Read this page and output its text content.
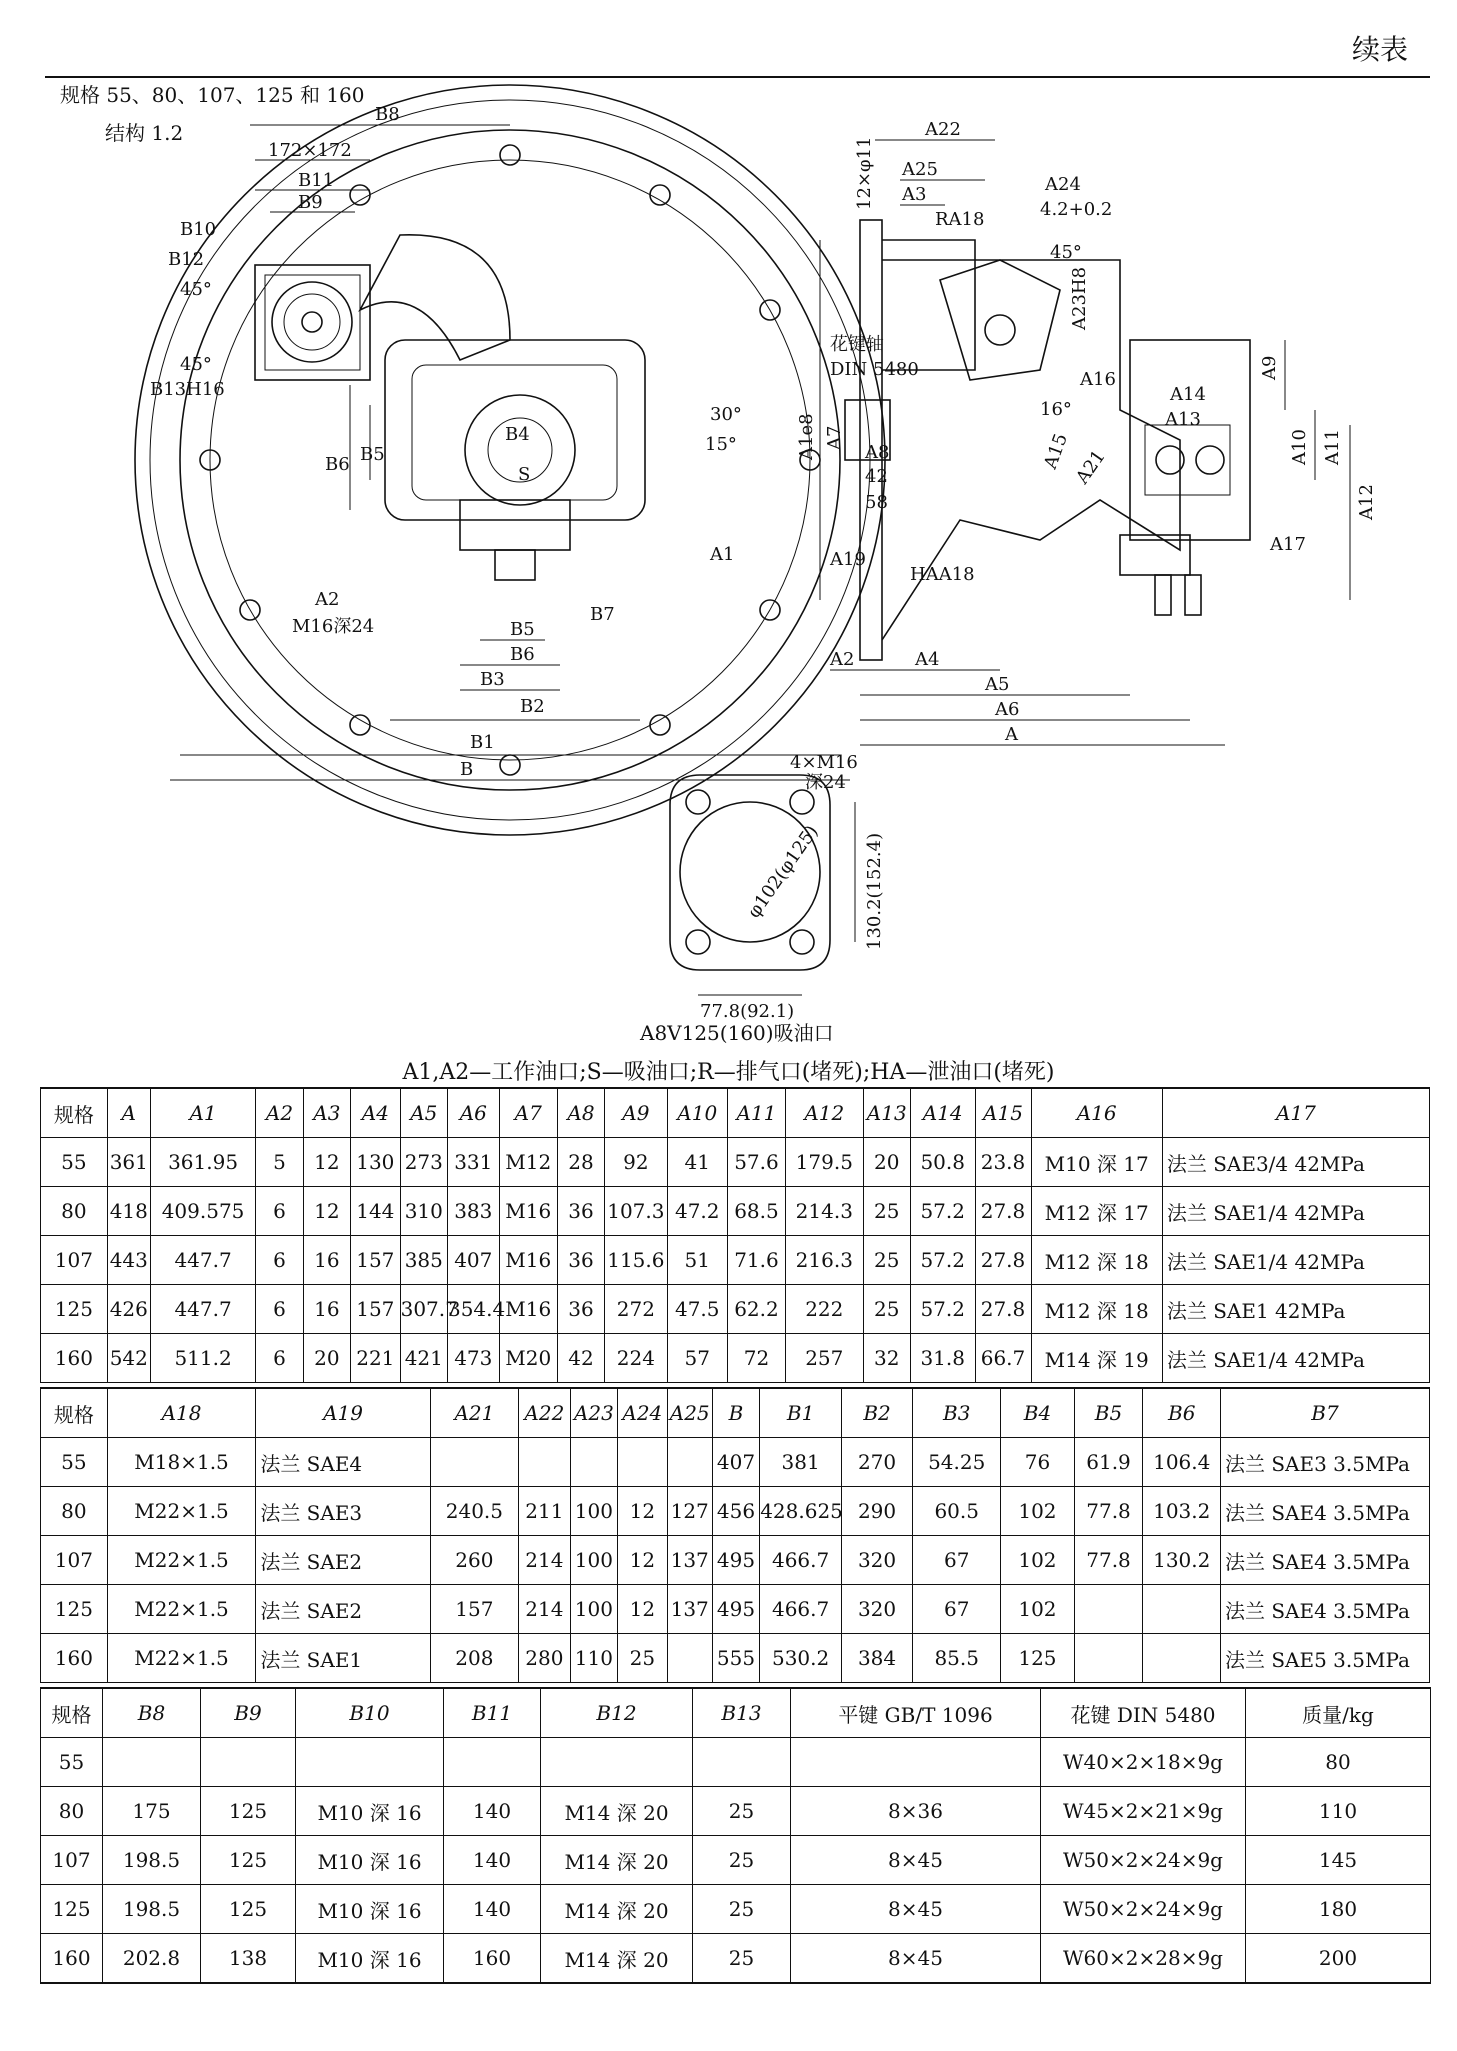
续表
规格 55、80、107、125 和 160
结构 1.2
B8
172×172
B11
B9
B10
B12
45°
45°
B13H16
B6 B5
B4
S
30°
15°
A1
A2
M16深24
B7
B5
B6
B3
B2
B1
B
A22
12×φ11 A25
A3
RA18
A24
4.2+0.2
45°
A23H8
花键轴
DIN 5480	A16
A14
A13
A9
A1e8 A7
16°
A8
42
58
A15 A21	A10 A11
A12
A17
A19
HAA18
A2	A4
A5
A6
A
4×M16
深24
φ102(φ125) 130.2(152.4)
77.8(92.1)
A8V125(160)吸油口
A1,A2—工作油口;S—吸油口;R—排气口(堵死);HA—泄油口(堵死)
规格	A	A1	A2	A3	A4	A5	A6	A7	A8	A9	A10	A11	A12	A13	A14	A15	A16	A17
55	361	361.95	5	12	130	273	331	M12	28	92	41	57.6	179.5	20	50.8	23.8	M10 深 17	法兰 SAE3/4 42MPa
80	418	409.575	6	12	144	310	383	M16	36	107.3	47.2	68.5	214.3	25	57.2	27.8	M12 深 17	法兰 SAE1/4 42MPa
107	443	447.7	6	16	157	385	407	M16	36	115.6	51	71.6	216.3	25	57.2	27.8	M12 深 18	法兰 SAE1/4 42MPa
125	426	447.7	6	16	157	307.7	354.4	M16	36	272	47.5	62.2	222	25	57.2	27.8	M12 深 18	法兰 SAE1 42MPa
160	542	511.2	6	20	221	421	473	M20	42	224	57	72	257	32	31.8	66.7	M14 深 19	法兰 SAE1/4 42MPa
规格	A18	A19	A21	A22	A23	A24	A25	B	B1	B2	B3	B4	B5	B6	B7
55	M18×1.5	法兰 SAE4						407	381	270	54.25	76	61.9	106.4	法兰 SAE3 3.5MPa
80	M22×1.5	法兰 SAE3	240.5	211	100	12	127	456	428.625	290	60.5	102	77.8	103.2	法兰 SAE4 3.5MPa
107	M22×1.5	法兰 SAE2	260	214	100	12	137	495	466.7	320	67	102	77.8	130.2	法兰 SAE4 3.5MPa
125	M22×1.5	法兰 SAE2	157	214	100	12	137	495	466.7	320	67	102			法兰 SAE4 3.5MPa
160	M22×1.5	法兰 SAE1	208	280	110	25		555	530.2	384	85.5	125			法兰 SAE5 3.5MPa
规格	B8	B9	B10	B11	B12	B13	平键 GB/T 1096	花键 DIN 5480	质量/kg
55								W40×2×18×9g	80
80	175	125	M10 深 16	140	M14 深 20	25	8×36	W45×2×21×9g	110
107	198.5	125	M10 深 16	140	M14 深 20	25	8×45	W50×2×24×9g	145
125	198.5	125	M10 深 16	140	M14 深 20	25	8×45	W50×2×24×9g	180
160	202.8	138	M10 深 16	160	M14 深 20	25	8×45	W60×2×28×9g	200
